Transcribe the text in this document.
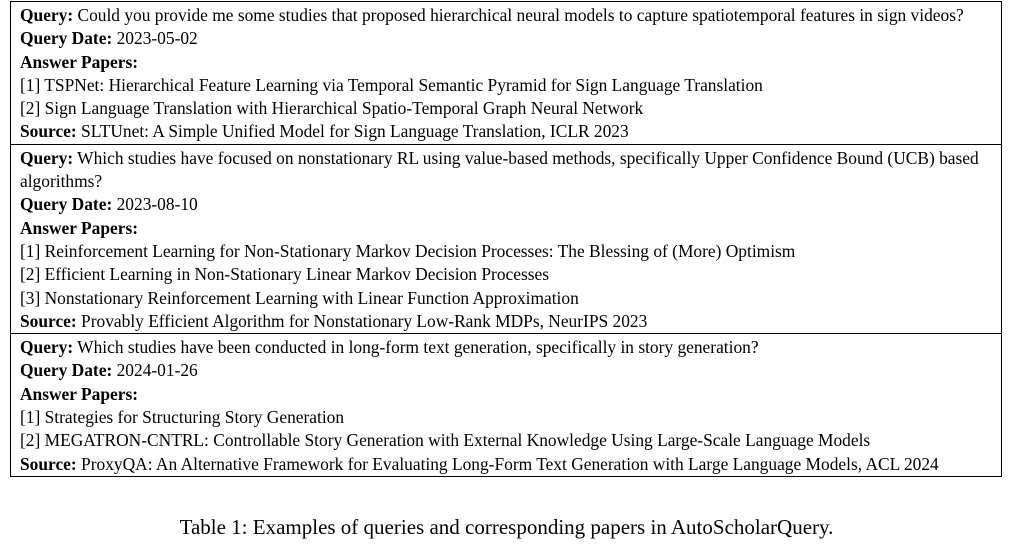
Query: Could you provide me some studies that proposed hierarchical neural models to capture spatiotemporal features in sign videos?
Query Date: 2023-05-02
Answer Papers:
[1] TSPNet: Hierarchical Feature Learning via Temporal Semantic Pyramid for Sign Language Translation
[2] Sign Language Translation with Hierarchical Spatio-Temporal Graph Neural Network
Source: SLTUnet: A Simple Unified Model for Sign Language Translation, ICLR 2023
Query: Which studies have focused on nonstationary RL using value-based methods, specifically Upper Confidence Bound (UCB) based algorithms?
Query Date: 2023-08-10
Answer Papers:
[1] Reinforcement Learning for Non-Stationary Markov Decision Processes: The Blessing of (More) Optimism
[2] Efficient Learning in Non-Stationary Linear Markov Decision Processes
[3] Nonstationary Reinforcement Learning with Linear Function Approximation
Source: Provably Efficient Algorithm for Nonstationary Low-Rank MDPs, NeurIPS 2023
Query: Which studies have been conducted in long-form text generation, specifically in story generation?
Query Date: 2024-01-26
Answer Papers:
[1] Strategies for Structuring Story Generation
[2] MEGATRON-CNTRL: Controllable Story Generation with External Knowledge Using Large-Scale Language Models
Source: ProxyQA: An Alternative Framework for Evaluating Long-Form Text Generation with Large Language Models, ACL 2024
Table 1: Examples of queries and corresponding papers in AutoScholarQuery.
